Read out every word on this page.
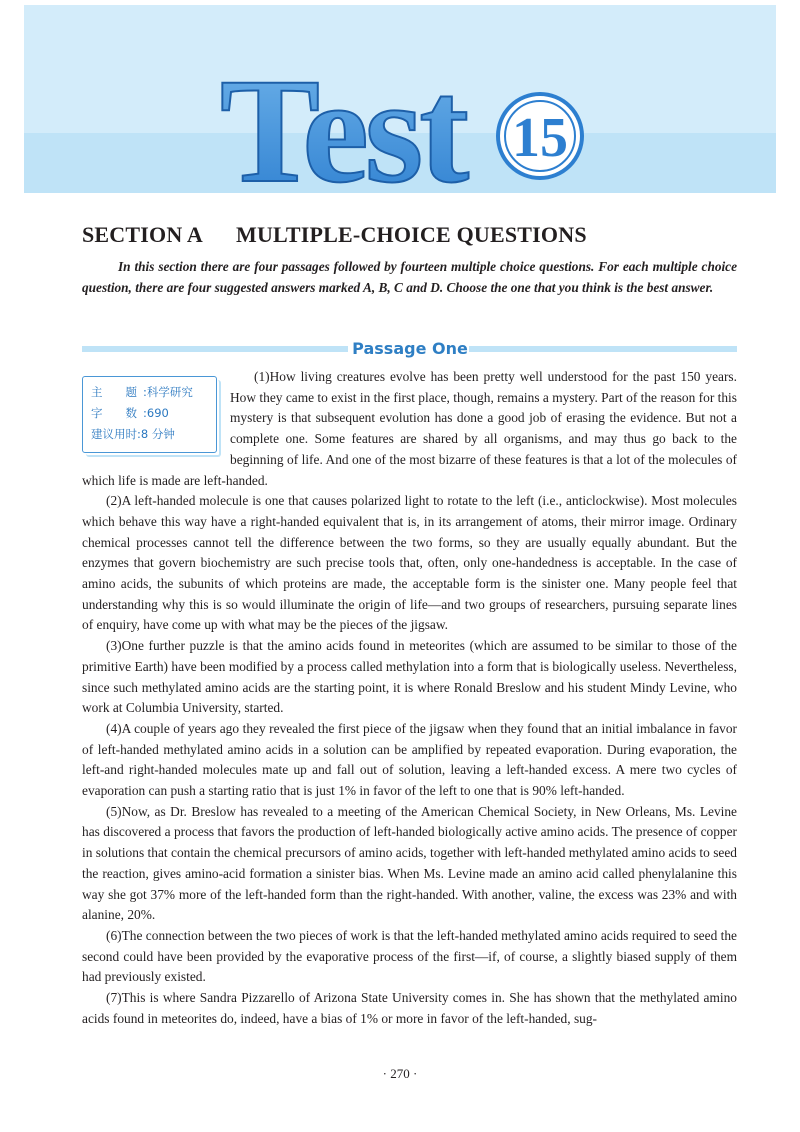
Test 15
SECTION A      MULTIPLE-CHOICE QUESTIONS

In this section there are four passages followed by fourteen multiple choice questions. For each multiple choice question, there are four suggested answers marked A, B, C and D. Choose the one that you think is the best answer.

Passage One
主　　题 : 科学研究
字　　数 : 690
建议用时 : 8 分钟

(1)How living creatures evolve has been pretty well understood for the past 150 years. How they came to exist in the first place, though, remains a mystery. Part of the reason for this mystery is that subsequent evolution has done a good job of erasing the evidence. But not a complete one. Some features are shared by all organisms, and may thus go back to the beginning of life. And one of the most bizarre of these features is that a lot of the molecules of which life is made are left-handed.

(2)A left-handed molecule is one that causes polarized light to rotate to the left (i.e., anticlockwise). Most molecules which behave this way have a right-handed equivalent that is, in its arrangement of atoms, their mirror image. Ordinary chemical processes cannot tell the difference between the two forms, so they are usually equally abundant. But the enzymes that govern biochemistry are such precise tools that, often, only one-handedness is acceptable. In the case of amino acids, the subunits of which proteins are made, the acceptable form is the sinister one. Many people feel that understanding why this is so would illuminate the origin of life—and two groups of researchers, pursuing separate lines of enquiry, have come up with what may be the pieces of the jigsaw.

(3)One further puzzle is that the amino acids found in meteorites (which are assumed to be similar to those of the primitive Earth) have been modified by a process called methylation into a form that is biologically useless. Nevertheless, since such methylated amino acids are the starting point, it is where Ronald Breslow and his student Mindy Levine, who work at Columbia University, started.

(4)A couple of years ago they revealed the first piece of the jigsaw when they found that an initial imbalance in favor of left-handed methylated amino acids in a solution can be amplified by repeated evaporation. During evaporation, the left-and right-handed molecules mate up and fall out of solution, leaving a left-handed excess. A mere two cycles of evaporation can push a starting ratio that is just 1% in favor of the left to one that is 90% left-handed.

(5)Now, as Dr. Breslow has revealed to a meeting of the American Chemical Society, in New Orleans, Ms. Levine has discovered a process that favors the production of left-handed biologically active amino acids. The presence of copper in solutions that contain the chemical precursors of amino acids, together with left-handed methylated amino acids to seed the reaction, gives amino-acid formation a sinister bias. When Ms. Levine made an amino acid called phenylalanine this way she got 37% more of the left-handed form than the right-handed. With another, valine, the excess was 23% and with alanine, 20%.

(6)The connection between the two pieces of work is that the left-handed methylated amino acids required to seed the second could have been provided by the evaporative process of the first—if, of course, a slightly biased supply of them had previously existed.

(7)This is where Sandra Pizzarello of Arizona State University comes in. She has shown that the methylated amino acids found in meteorites do, indeed, have a bias of 1% or more in favor of the left-handed, sug-

· 270 ·
